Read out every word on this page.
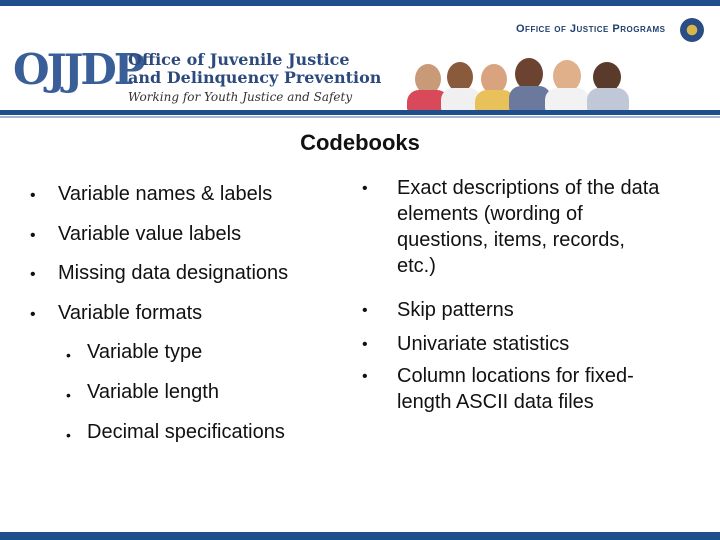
Office of Justice Programs
OJJDP
Office of Juvenile Justice
and Delinquency Prevention
Working for Youth Justice and Safety
Codebooks
• Variable names & labels
• Variable value labels
• Missing data designations
• Variable formats
• Variable type
• Variable length
• Decimal specifications
• Exact descriptions of the data elements (wording of questions, items, records, etc.)
• Skip patterns
• Univariate statistics
• Column locations for fixed-length ASCII data files
